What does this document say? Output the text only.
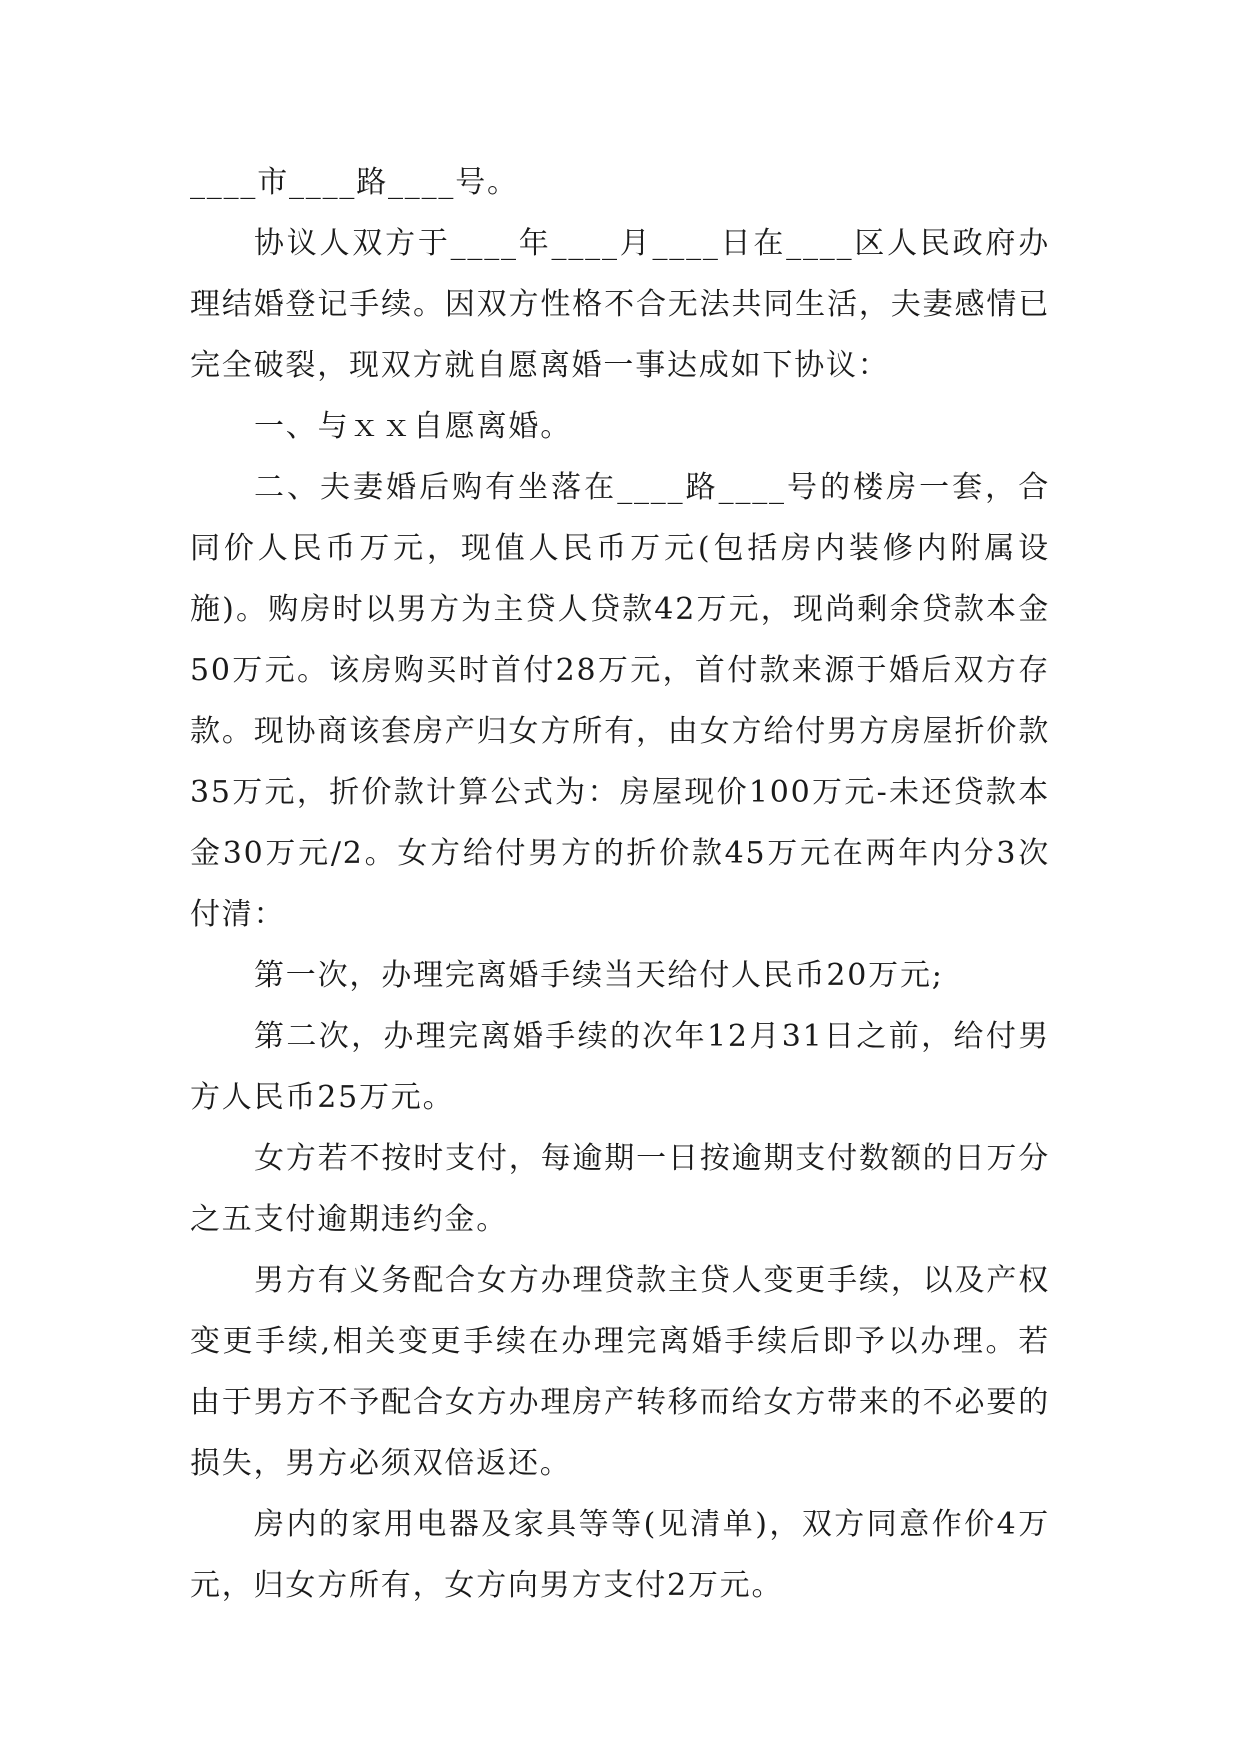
____市____路____号。

协议人双方于____年____月____日在____区人民政府办理结婚登记手续。因双方性格不合无法共同生活，夫妻感情已完全破裂，现双方就自愿离婚一事达成如下协议：

一、与ｘｘ自愿离婚。

二、夫妻婚后购有坐落在____路____号的楼房一套，合同价人民币万元，现值人民币万元(包括房内装修内附属设施)。购房时以男方为主贷人贷款42万元，现尚剩余贷款本金50万元。该房购买时首付28万元，首付款来源于婚后双方存款。现协商该套房产归女方所有，由女方给付男方房屋折价款35万元，折价款计算公式为：房屋现价100万元-未还贷款本金30万元/2。女方给付男方的折价款45万元在两年内分3次付清：

第一次，办理完离婚手续当天给付人民币20万元;

第二次，办理完离婚手续的次年12月31日之前，给付男方人民币25万元。

女方若不按时支付，每逾期一日按逾期支付数额的日万分之五支付逾期违约金。

男方有义务配合女方办理贷款主贷人变更手续，以及产权变更手续,相关变更手续在办理完离婚手续后即予以办理。若由于男方不予配合女方办理房产转移而给女方带来的不必要的损失，男方必须双倍返还。

房内的家用电器及家具等等(见清单)，双方同意作价4万元，归女方所有，女方向男方支付2万元。
